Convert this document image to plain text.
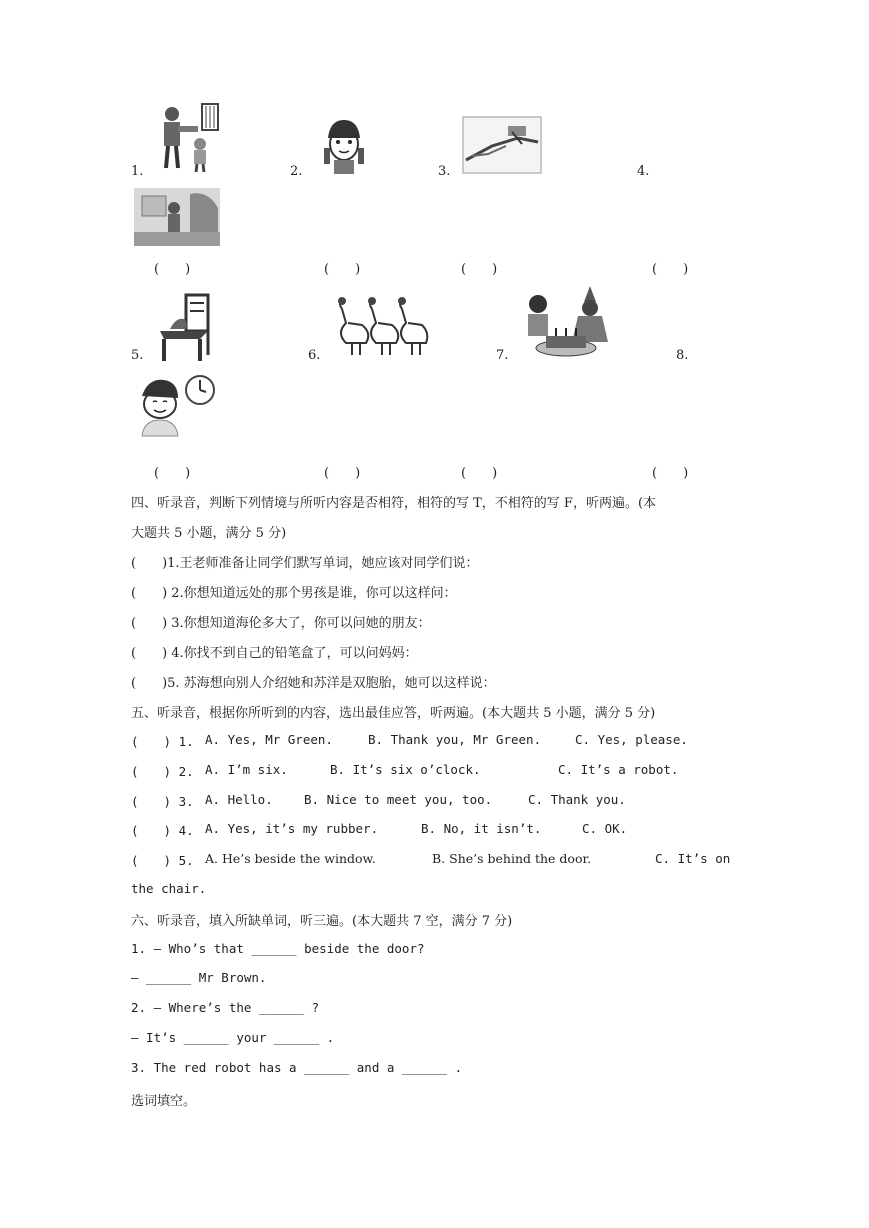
1.	2.	3.	4.
(　　)	(　　)	(　　)	(　　)
5.	6.	7.	8.
(　　)	(　　)	(　　)	(　　)
四、听录音，判断下列情境与所听内容是否相符，相符的写 T，不相符的写 F，听两遍。(本
大题共 5 小题，满分 5 分)
(　　)1.王老师准备让同学们默写单词，她应该对同学们说：
(　　) 2.你想知道远处的那个男孩是谁，你可以这样问：
(　　) 3.你想知道海伦多大了，你可以问她的朋友：
(　　) 4.你找不到自己的铅笔盒了，可以问妈妈：
(　　)5. 苏海想向别人介绍她和苏洋是双胞胎，她可以这样说：
五、听录音，根据你所听到的内容，选出最佳应答，听两遍。(本大题共 5 小题，满分 5 分)
(　　) 1. A. Yes, Mr Green.	B. Thank you, Mr Green.	C. Yes, please.
(　　) 2. A. I’m six.	B. It’s six o’clock.	C. It’s a robot.
(　　) 3. A. Hello.	B. Nice to meet you, too.	C. Thank you.
(　　) 4. A. Yes, it’s my rubber.	B. No, it isn’t.	C. OK.
(　　) 5. A. He’s beside the window.	B. She’s behind the door.	C. It’s on
the chair.
六、听录音，填入所缺单词，听三遍。(本大题共 7 空，满分 7 分)
1. — Who’s that ______ beside the door?
— ______ Mr Brown.
2. — Where’s the ______ ?
— It’s ______ your ______ .
3. The red robot has a ______ and a ______ .
选词填空。
